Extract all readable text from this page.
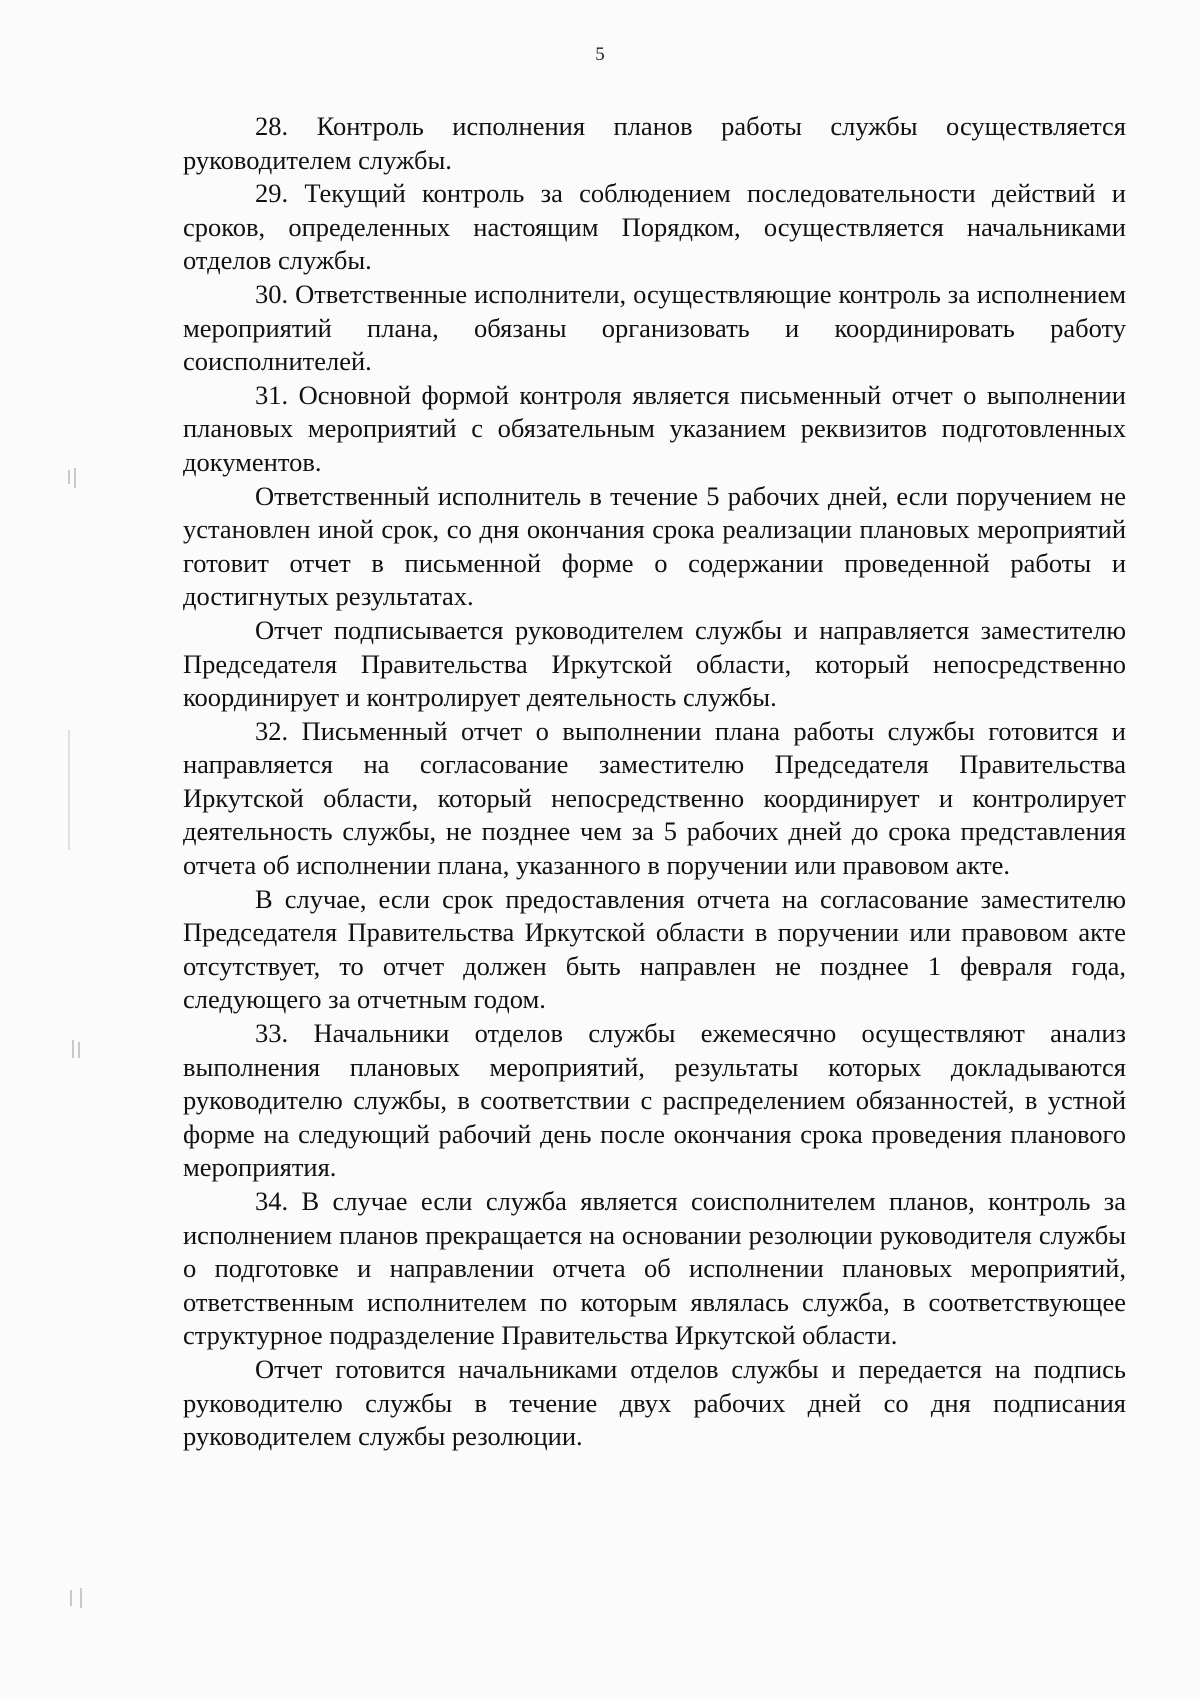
5

28. Контроль исполнения планов работы службы осуществляется руководителем службы.

29. Текущий контроль за соблюдением последовательности действий и сроков, определенных настоящим Порядком, осуществляется начальниками отделов службы.

30. Ответственные исполнители, осуществляющие контроль за исполнением мероприятий плана, обязаны организовать и координировать работу соисполнителей.

31. Основной формой контроля является письменный отчет о выполнении плановых мероприятий с обязательным указанием реквизитов подготовленных документов.

Ответственный исполнитель в течение 5 рабочих дней, если поручением не установлен иной срок, со дня окончания срока реализации плановых мероприятий готовит отчет в письменной форме о содержании проведенной работы и достигнутых результатах.

Отчет подписывается руководителем службы и направляется заместителю Председателя Правительства Иркутской области, который непосредственно координирует и контролирует деятельность службы.

32. Письменный отчет о выполнении плана работы службы готовится и направляется на согласование заместителю Председателя Правительства Иркутской области, который непосредственно координирует и контролирует деятельность службы, не позднее чем за 5 рабочих дней до срока представления отчета об исполнении плана, указанного в поручении или правовом акте.

В случае, если срок предоставления отчета на согласование заместителю Председателя Правительства Иркутской области в поручении или правовом акте отсутствует, то отчет должен быть направлен не позднее 1 февраля года, следующего за отчетным годом.

33. Начальники отделов службы ежемесячно осуществляют анализ выполнения плановых мероприятий, результаты которых докладываются руководителю службы, в соответствии с распределением обязанностей, в устной форме на следующий рабочий день после окончания срока проведения планового мероприятия.

34. В случае если служба является соисполнителем планов, контроль за исполнением планов прекращается на основании резолюции руководителя службы о подготовке и направлении отчета об исполнении плановых мероприятий, ответственным исполнителем по которым являлась служба, в соответствующее структурное подразделение Правительства Иркутской области.

Отчет готовится начальниками отделов службы и передается на подпись руководителю службы в течение двух рабочих дней со дня подписания руководителем службы резолюции.
